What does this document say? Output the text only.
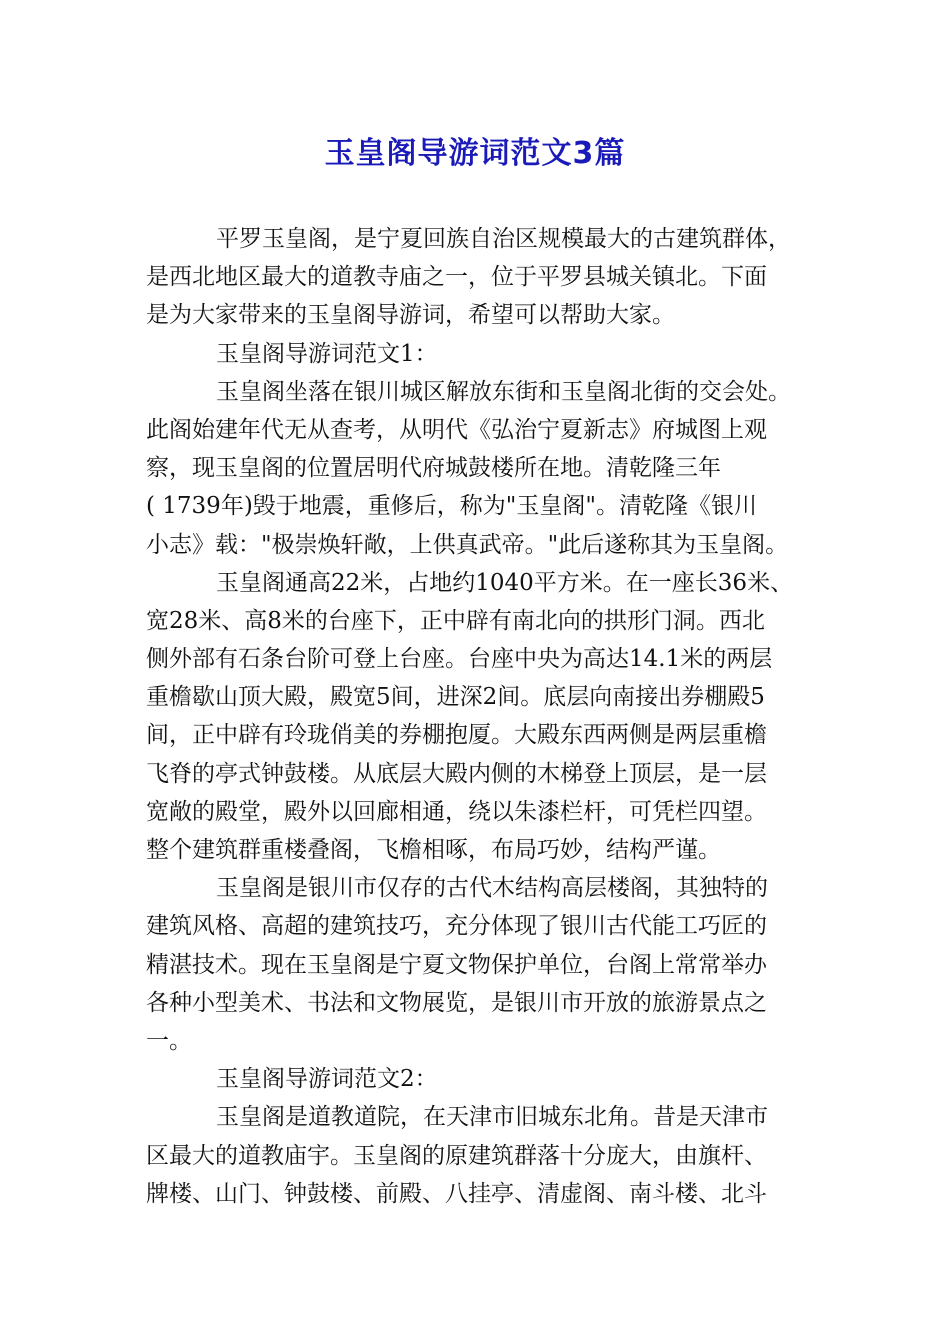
玉皇阁导游词范文3篇
平罗玉皇阁，是宁夏回族自治区规模最大的古建筑群体，
是西北地区最大的道教寺庙之一，位于平罗县城关镇北。下面
是为大家带来的玉皇阁导游词，希望可以帮助大家。
玉皇阁导游词范文1：
玉皇阁坐落在银川城区解放东街和玉皇阁北街的交会处。
此阁始建年代无从查考，从明代《弘治宁夏新志》府城图上观
察，现玉皇阁的位置居明代府城鼓楼所在地。清乾隆三年
( 1739年)毁于地震，重修后，称为"玉皇阁"。清乾隆《银川
小志》载："极崇焕轩敞，上供真武帝。"此后遂称其为玉皇阁。
玉皇阁通高22米，占地约1040平方米。在一座长36米、
宽28米、高8米的台座下，正中辟有南北向的拱形门洞。西北
侧外部有石条台阶可登上台座。台座中央为高达14.1米的两层
重檐歇山顶大殿，殿宽5间，进深2间。底层向南接出券棚殿5
间，正中辟有玲珑俏美的券棚抱厦。大殿东西两侧是两层重檐
飞脊的亭式钟鼓楼。从底层大殿内侧的木梯登上顶层，是一层
宽敞的殿堂，殿外以回廊相通，绕以朱漆栏杆，可凭栏四望。
整个建筑群重楼叠阁，飞檐相啄，布局巧妙，结构严谨。
玉皇阁是银川市仅存的古代木结构高层楼阁，其独特的
建筑风格、高超的建筑技巧，充分体现了银川古代能工巧匠的
精湛技术。现在玉皇阁是宁夏文物保护单位，台阁上常常举办
各种小型美术、书法和文物展览，是银川市开放的旅游景点之
一。
玉皇阁导游词范文2：
玉皇阁是道教道院，在天津市旧城东北角。昔是天津市
区最大的道教庙宇。玉皇阁的原建筑群落十分庞大，由旗杆、
牌楼、山门、钟鼓楼、前殿、八挂亭、清虚阁、南斗楼、北斗
